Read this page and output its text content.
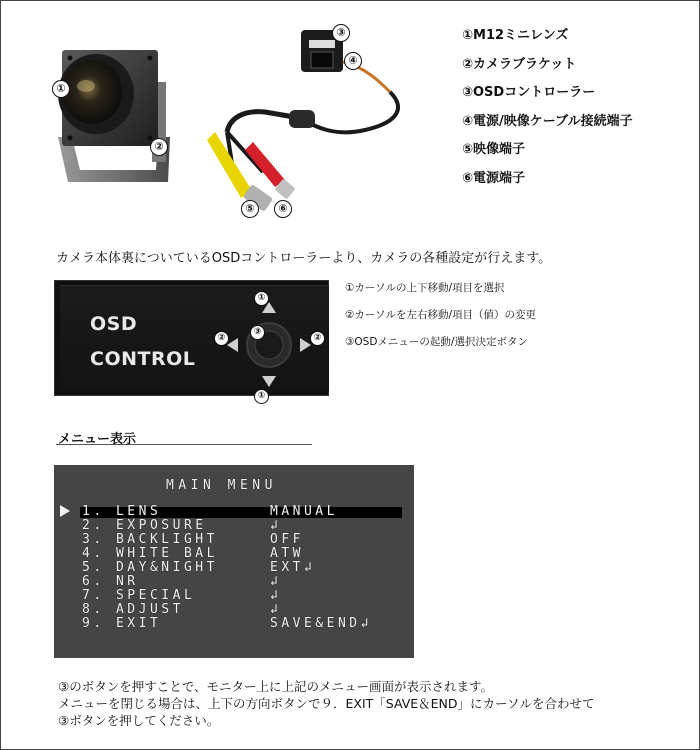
①
②
③
④
⑤	⑥
①M12ミニレンズ
②カメラブラケット
③OSDコントローラー
④電源/映像ケーブル接続端子
⑤映像端子
⑥電源端子
カメラ本体裏についているOSDコントローラーより、カメラの各種設定が行えます。
OSD
CONTROL
①
①
②	②
③
①カーソルの上下移動/項目を選択
②カーソルを左右移動/項目（値）の変更
③OSDメニューの起動/選択決定ボタン
メニュー表示
MAIN MENU
1. LENS	MANUAL
2. EXPOSURE	↲
3. BACKLIGHT	OFF
4. WHITE BAL	ATW
5. DAY&NIGHT	EXT↲
6. NR	↲
7. SPECIAL	↲
8. ADJUST	↲
9. EXIT	SAVE&END↲
③のボタンを押すことで、モニター上に上記のメニュー画面が表示されます。
メニューを閉じる場合は、上下の方向ボタンで９．EXIT「SAVE＆END」にカーソルを合わせて
③ボタンを押してください。
